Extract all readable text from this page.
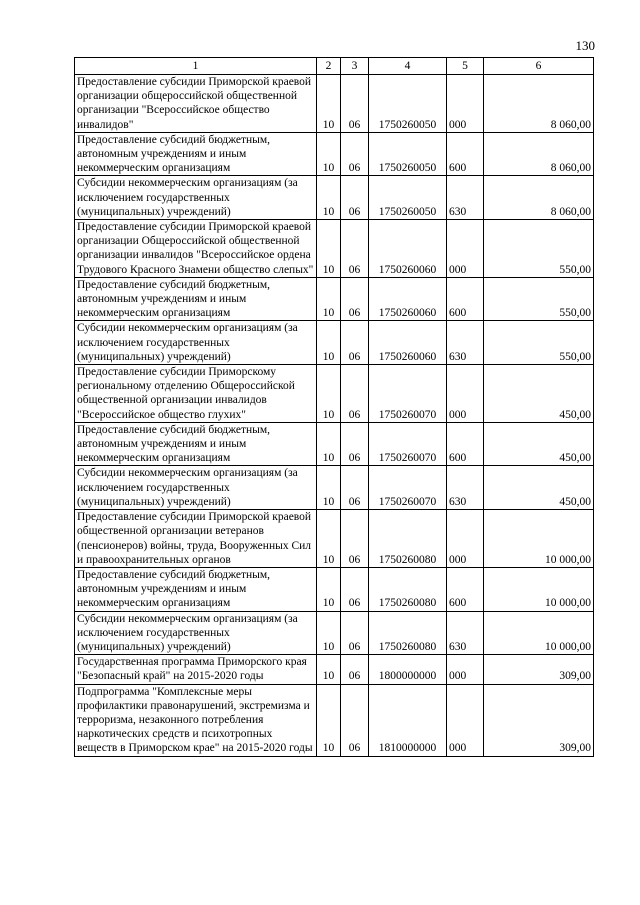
130
1	2	3	4	5	6
Предоставление субсидии Приморской краевой организации общероссийской общественной организации "Всероссийское общество инвалидов"	10	06	1750260050	000	8 060,00
Предоставление субсидий бюджетным, автономным учреждениям и иным некоммерческим организациям	10	06	1750260050	600	8 060,00
Субсидии некоммерческим организациям (за исключением государственных (муниципальных) учреждений)	10	06	1750260050	630	8 060,00
Предоставление субсидии Приморской краевой организации Общероссийской общественной организации инвалидов "Всероссийское ордена Трудового Красного Знамени общество слепых"	10	06	1750260060	000	550,00
Предоставление субсидий бюджетным, автономным учреждениям и иным некоммерческим организациям	10	06	1750260060	600	550,00
Субсидии некоммерческим организациям (за исключением государственных (муниципальных) учреждений)	10	06	1750260060	630	550,00
Предоставление субсидии Приморскому региональному отделению Общероссийской общественной организации инвалидов "Всероссийское общество глухих"	10	06	1750260070	000	450,00
Предоставление субсидий бюджетным, автономным учреждениям и иным некоммерческим организациям	10	06	1750260070	600	450,00
Субсидии некоммерческим организациям (за исключением государственных (муниципальных) учреждений)	10	06	1750260070	630	450,00
Предоставление субсидии Приморской краевой общественной организации ветеранов (пенсионеров) войны, труда, Вооруженных Сил и правоохранительных органов	10	06	1750260080	000	10 000,00
Предоставление субсидий бюджетным, автономным учреждениям и иным некоммерческим организациям	10	06	1750260080	600	10 000,00
Субсидии некоммерческим организациям (за исключением государственных (муниципальных) учреждений)	10	06	1750260080	630	10 000,00
Государственная программа Приморского края "Безопасный край" на 2015-2020 годы	10	06	1800000000	000	309,00
Подпрограмма "Комплексные меры профилактики правонарушений, экстремизма и терроризма, незаконного потребления наркотических средств и психотропных веществ в Приморском крае" на 2015-2020 годы	10	06	1810000000	000	309,00
